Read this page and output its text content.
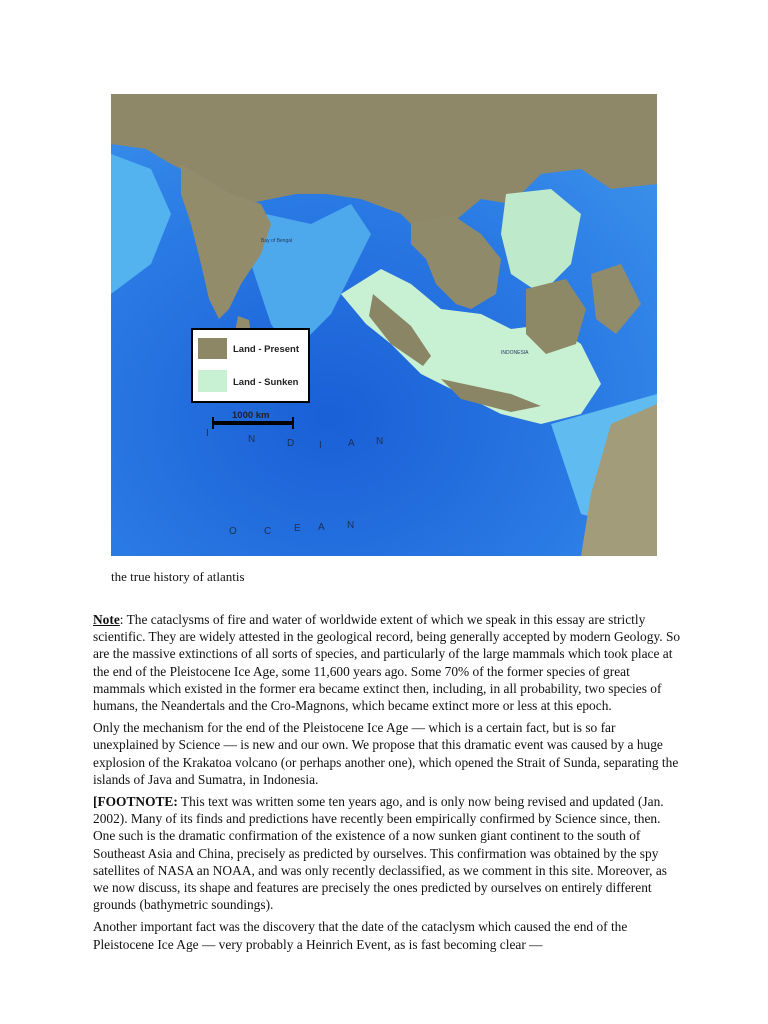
Bay of Bengal
INDONESIA
I
N	D I A N
O	C E A N
Land - Present
Land - Sunken
1000 km
the true history of atlantis

Note: The cataclysms of fire and water of worldwide extent of which we speak in this essay are strictly scientific. They are widely attested in the geological record, being generally accepted by modern Geology. So are the massive extinctions of all sorts of species, and particularly of the large mammals which took place at the end of the Pleistocene Ice Age, some 11,600 years ago. Some 70% of the former species of great mammals which existed in the former era became extinct then, including, in all probability, two species of humans, the Neandertals and the Cro-Magnons, which became extinct more or less at this epoch.

Only the mechanism for the end of the Pleistocene Ice Age — which is a certain fact, but is so far unexplained by Science — is new and our own. We propose that this dramatic event was caused by a huge explosion of the Krakatoa volcano (or perhaps another one), which opened the Strait of Sunda, separating the islands of Java and Sumatra, in Indonesia.

[FOOTNOTE: This text was written some ten years ago, and is only now being revised and updated (Jan. 2002). Many of its finds and predictions have recently been empirically confirmed by Science since, then. One such is the dramatic confirmation of the existence of a now sunken giant continent to the south of Southeast Asia and China, precisely as predicted by ourselves. This confirmation was obtained by the spy satellites of NASA an NOAA, and was only recently declassified, as we comment in this site. Moreover, as we now discuss, its shape and features are precisely the ones predicted by ourselves on entirely different grounds (bathymetric soundings).

Another important fact was the discovery that the date of the cataclysm which caused the end of the Pleistocene Ice Age — very probably a Heinrich Event, as is fast becoming clear —
